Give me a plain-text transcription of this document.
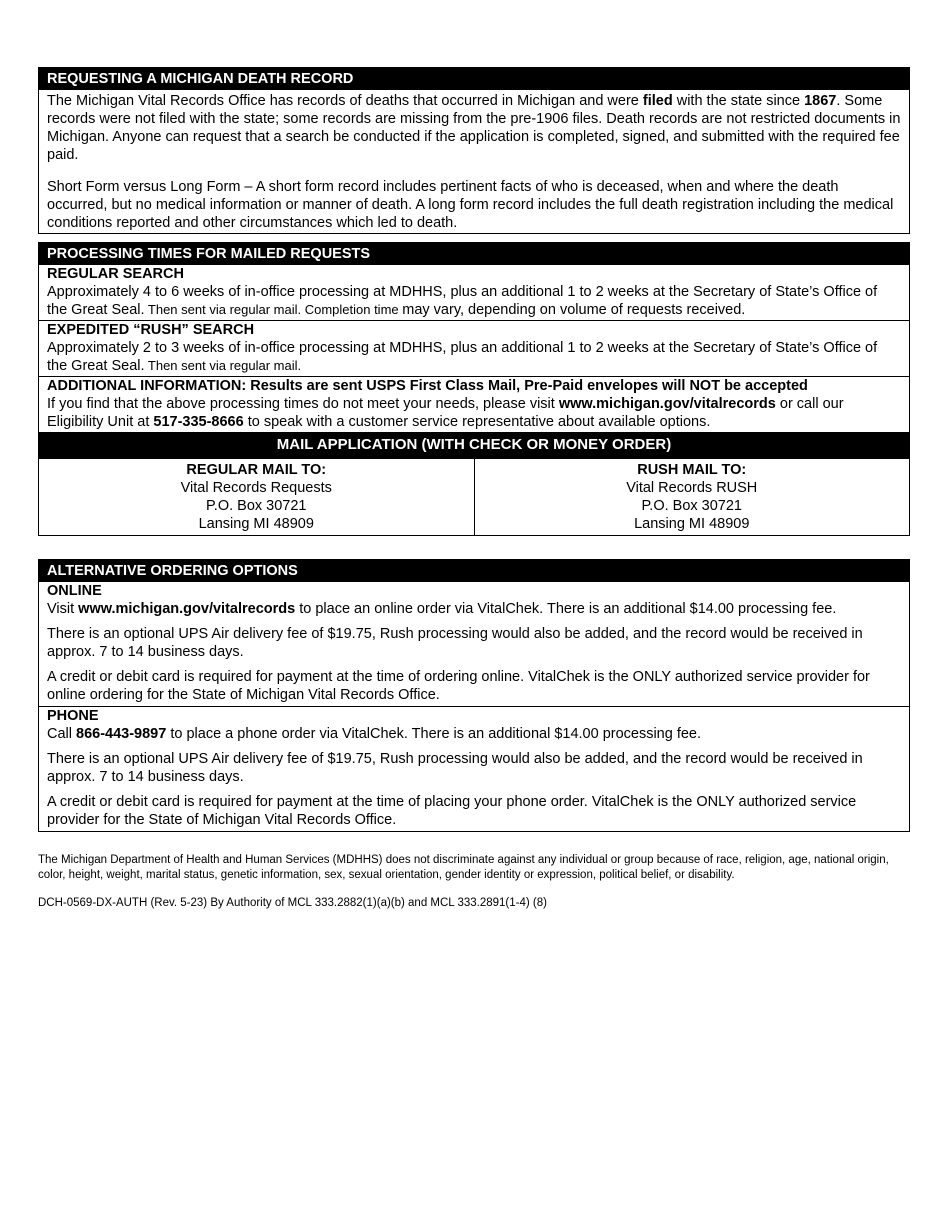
REQUESTING A MICHIGAN DEATH RECORD

The Michigan Vital Records Office has records of deaths that occurred in Michigan and were filed with the state since 1867. Some records were not filed with the state; some records are missing from the pre-1906 files. Death records are not restricted documents in Michigan. Anyone can request that a search be conducted if the application is completed, signed, and submitted with the required fee paid.

Short Form versus Long Form – A short form record includes pertinent facts of who is deceased, when and where the death occurred, but no medical information or manner of death. A long form record includes the full death registration including the medical conditions reported and other circumstances which led to death.

PROCESSING TIMES FOR MAILED REQUESTS
REGULAR SEARCH
Approximately 4 to 6 weeks of in-office processing at MDHHS, plus an additional 1 to 2 weeks at the Secretary of State’s Office of the Great Seal. Then sent via regular mail. Completion time may vary, depending on volume of requests received.
EXPEDITED “RUSH” SEARCH
Approximately 2 to 3 weeks of in-office processing at MDHHS, plus an additional 1 to 2 weeks at the Secretary of State’s Office of the Great Seal. Then sent via regular mail.
ADDITIONAL INFORMATION: Results are sent USPS First Class Mail, Pre-Paid envelopes will NOT be accepted
If you find that the above processing times do not meet your needs, please visit www.michigan.gov/vitalrecords or call our Eligibility Unit at 517-335-8666 to speak with a customer service representative about available options.
MAIL APPLICATION (WITH CHECK OR MONEY ORDER)
REGULAR MAIL TO:
Vital Records Requests
P.O. Box 30721
Lansing MI 48909
RUSH MAIL TO:
Vital Records RUSH
P.O. Box 30721
Lansing MI 48909
ALTERNATIVE ORDERING OPTIONS
ONLINE

Visit www.michigan.gov/vitalrecords to place an online order via VitalChek. There is an additional $14.00 processing fee.

There is an optional UPS Air delivery fee of $19.75, Rush processing would also be added, and the record would be received in approx. 7 to 14 business days.

A credit or debit card is required for payment at the time of ordering online. VitalChek is the ONLY authorized service provider for online ordering for the State of Michigan Vital Records Office.

PHONE

Call 866-443-9897 to place a phone order via VitalChek. There is an additional $14.00 processing fee.

There is an optional UPS Air delivery fee of $19.75, Rush processing would also be added, and the record would be received in approx. 7 to 14 business days.

A credit or debit card is required for payment at the time of placing your phone order. VitalChek is the ONLY authorized service provider for the State of Michigan Vital Records Office.

The Michigan Department of Health and Human Services (MDHHS) does not discriminate against any individual or group because of race, religion, age, national origin, color, height, weight, marital status, genetic information, sex, sexual orientation, gender identity or expression, political belief, or disability.
DCH-0569-DX-AUTH (Rev. 5-23) By Authority of MCL 333.2882(1)(a)(b) and MCL 333.2891(1-4) (8)
